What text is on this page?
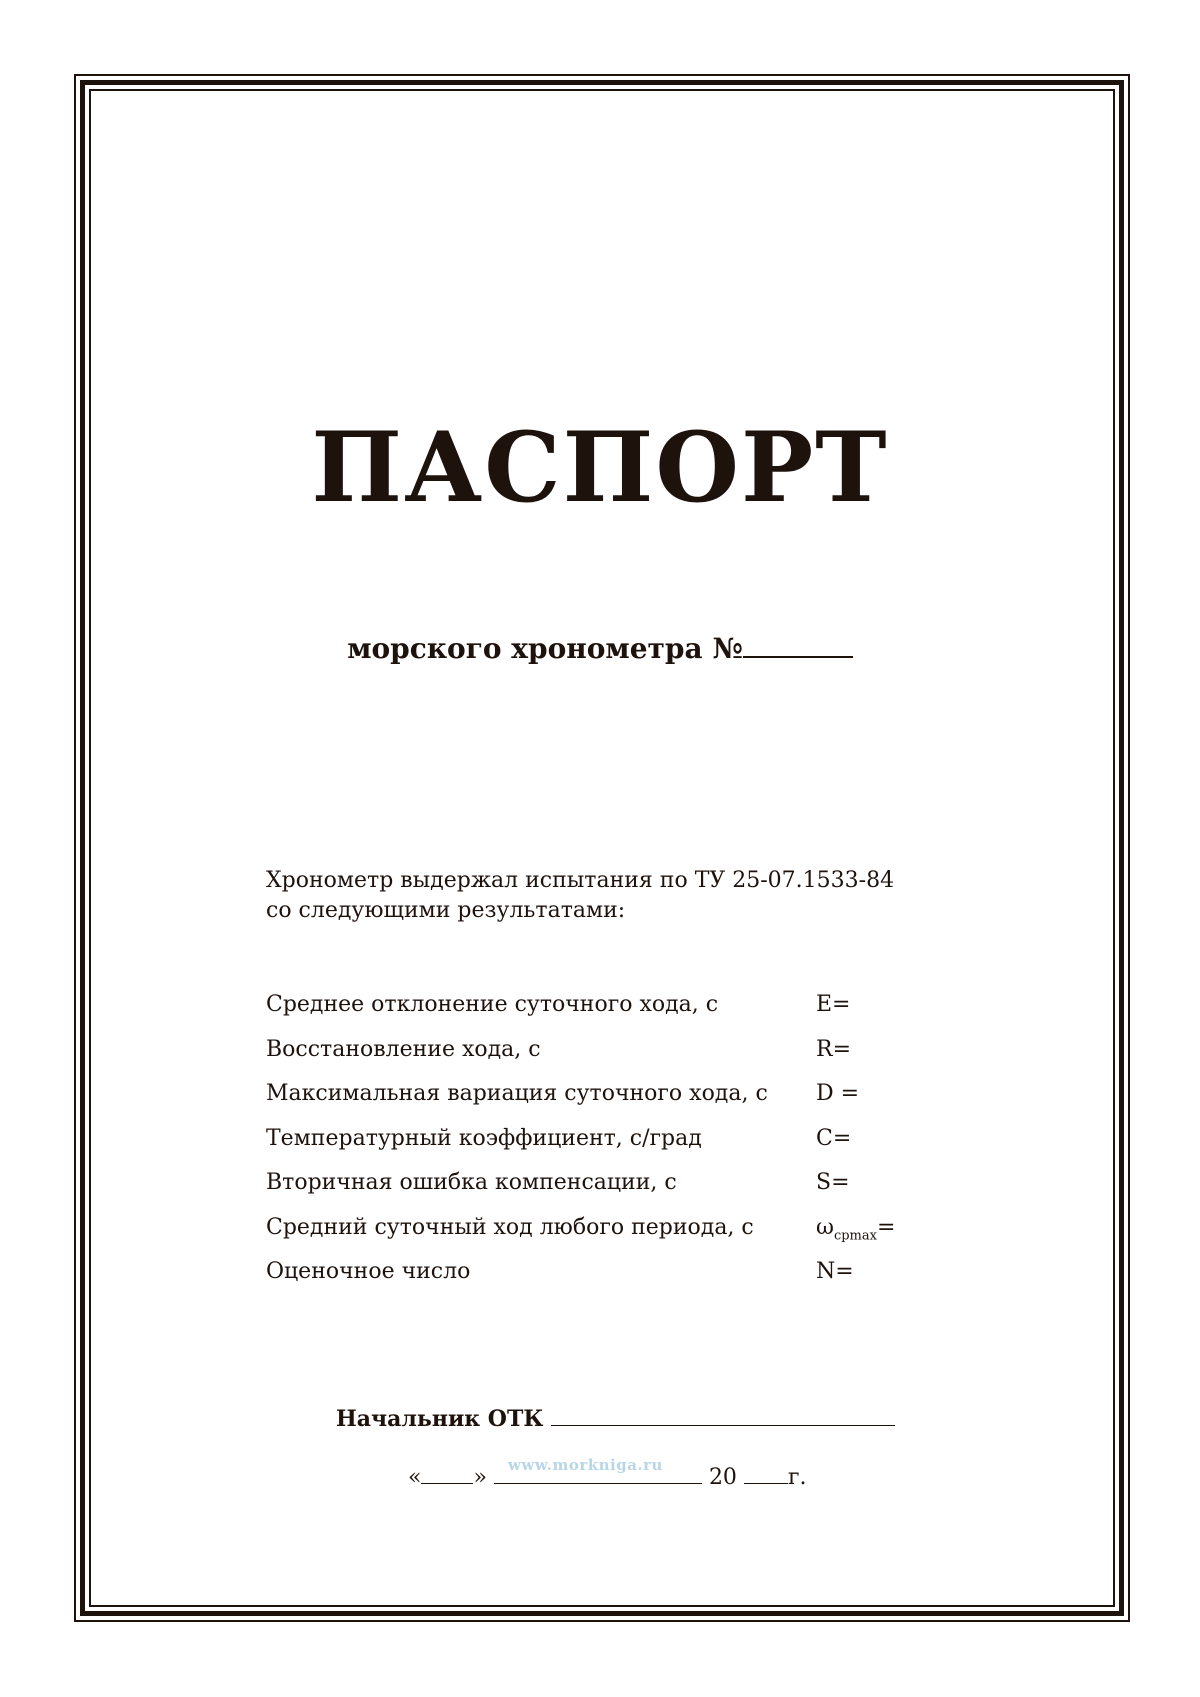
ПАСПОРТ
морского хронометра №
Хронометр выдержал испытания по ТУ 25-07.1533-84
со следующими результатами:
Среднее отклонение суточного хода, с	E=
Восстановление хода, с	R=
Максимальная вариация суточного хода, с D =
Температурный коэффициент, с/град	C=
Вторичная ошибка компенсации, с	S=
Средний суточный ход любого периода, с	$\omega_{срmax}=$
Оценочное число	N=
Начальник ОТК
« »	20 г.
www.morkniga.ru
